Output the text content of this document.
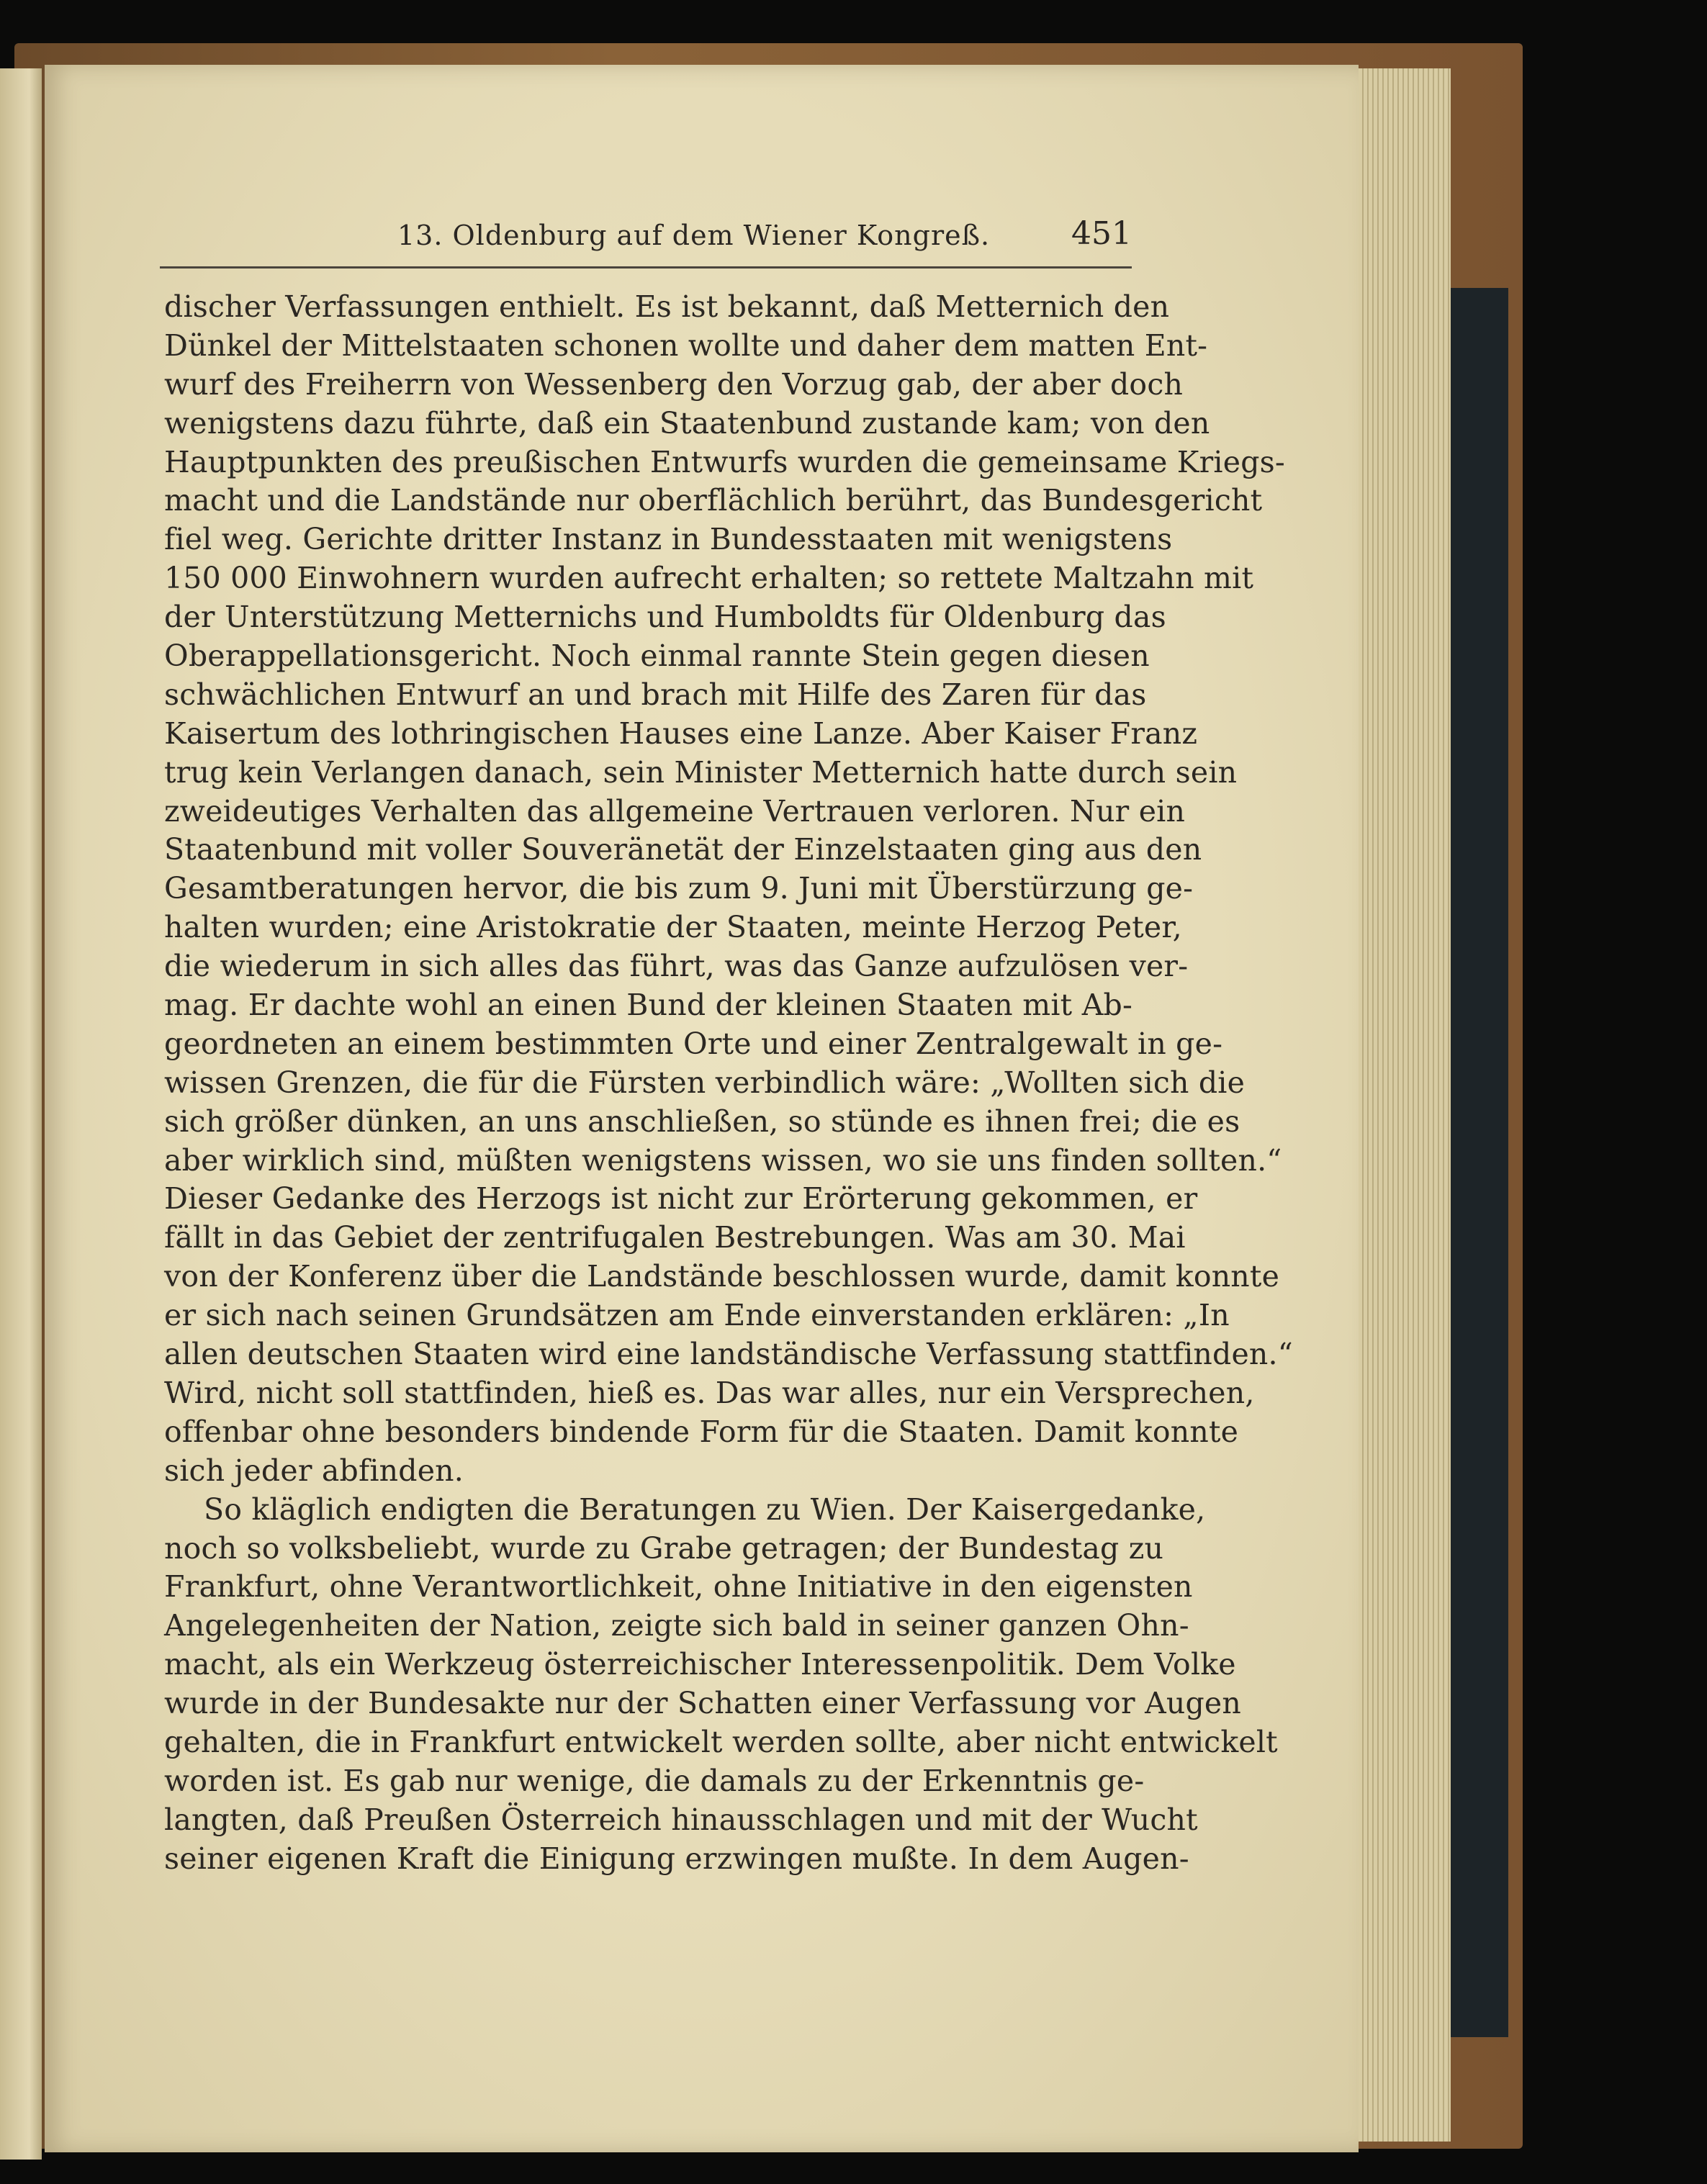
13. Oldenburg auf dem Wiener Kongreß.	451
discher Verfassungen enthielt. Es ist bekannt, daß Metternich den
Dünkel der Mittelstaaten schonen wollte und daher dem matten Ent-
wurf des Freiherrn von Wessenberg den Vorzug gab, der aber doch
wenigstens dazu führte, daß ein Staatenbund zustande kam; von den
Hauptpunkten des preußischen Entwurfs wurden die gemeinsame Kriegs-
macht und die Landstände nur oberflächlich berührt, das Bundesgericht
fiel weg. Gerichte dritter Instanz in Bundesstaaten mit wenigstens
150 000 Einwohnern wurden aufrecht erhalten; so rettete Maltzahn mit
der Unterstützung Metternichs und Humboldts für Oldenburg das
Oberappellationsgericht. Noch einmal rannte Stein gegen diesen
schwächlichen Entwurf an und brach mit Hilfe des Zaren für das
Kaisertum des lothringischen Hauses eine Lanze. Aber Kaiser Franz
trug kein Verlangen danach, sein Minister Metternich hatte durch sein
zweideutiges Verhalten das allgemeine Vertrauen verloren. Nur ein
Staatenbund mit voller Souveränetät der Einzelstaaten ging aus den
Gesamtberatungen hervor, die bis zum 9. Juni mit Überstürzung ge-
halten wurden; eine Aristokratie der Staaten, meinte Herzog Peter,
die wiederum in sich alles das führt, was das Ganze aufzulösen ver-
mag. Er dachte wohl an einen Bund der kleinen Staaten mit Ab-
geordneten an einem bestimmten Orte und einer Zentralgewalt in ge-
wissen Grenzen, die für die Fürsten verbindlich wäre: „Wollten sich die
sich größer dünken, an uns anschließen, so stünde es ihnen frei; die es
aber wirklich sind, müßten wenigstens wissen, wo sie uns finden sollten.“
Dieser Gedanke des Herzogs ist nicht zur Erörterung gekommen, er
fällt in das Gebiet der zentrifugalen Bestrebungen. Was am 30. Mai
von der Konferenz über die Landstände beschlossen wurde, damit konnte
er sich nach seinen Grundsätzen am Ende einverstanden erklären: „In
allen deutschen Staaten wird eine landständische Verfassung stattfinden.“
Wird, nicht soll stattfinden, hieß es. Das war alles, nur ein Versprechen,
offenbar ohne besonders bindende Form für die Staaten. Damit konnte
sich jeder abfinden.
So kläglich endigten die Beratungen zu Wien. Der Kaisergedanke,
noch so volksbeliebt, wurde zu Grabe getragen; der Bundestag zu
Frankfurt, ohne Verantwortlichkeit, ohne Initiative in den eigensten
Angelegenheiten der Nation, zeigte sich bald in seiner ganzen Ohn-
macht, als ein Werkzeug österreichischer Interessenpolitik. Dem Volke
wurde in der Bundesakte nur der Schatten einer Verfassung vor Augen
gehalten, die in Frankfurt entwickelt werden sollte, aber nicht entwickelt
worden ist. Es gab nur wenige, die damals zu der Erkenntnis ge-
langten, daß Preußen Österreich hinausschlagen und mit der Wucht
seiner eigenen Kraft die Einigung erzwingen mußte. In dem Augen-
